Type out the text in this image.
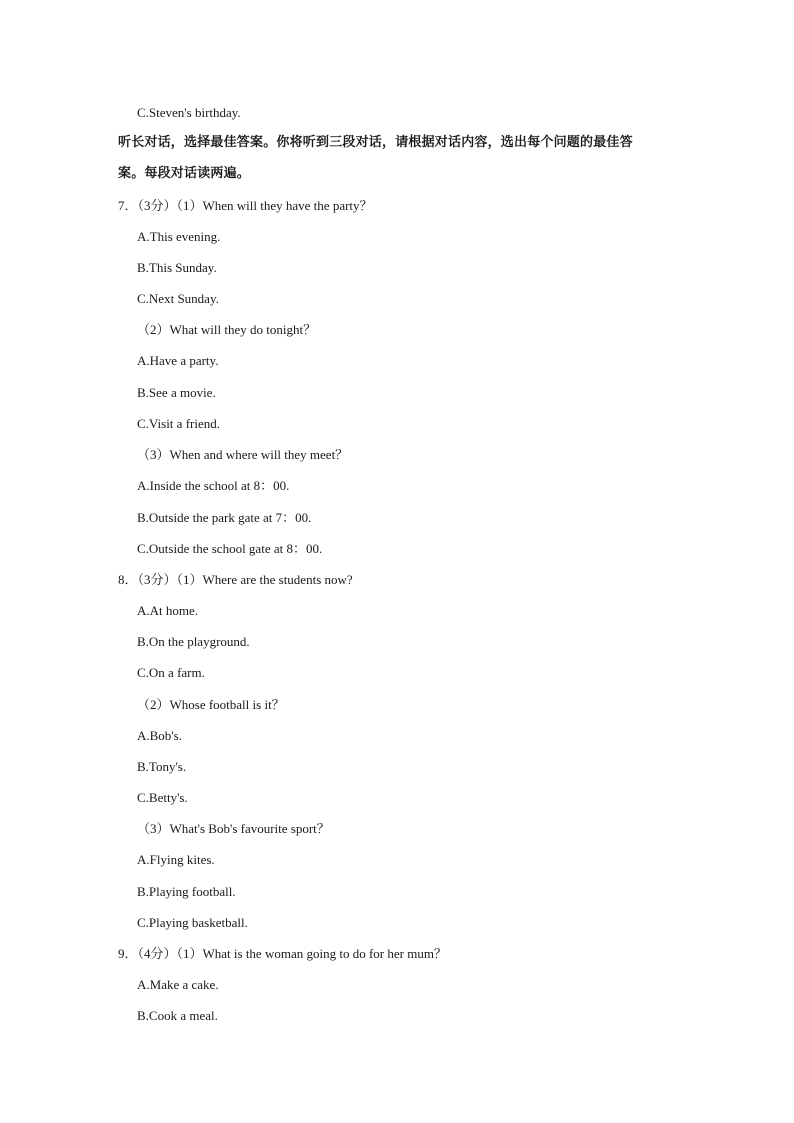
C.Steven's birthday.
听长对话，选择最佳答案。你将听到三段对话，请根据对话内容，选出每个问题的最佳答
案。每段对话读两遍。
7．（3分）（1）When will they have the party？
A.This evening.
B.This Sunday.
C.Next Sunday.
（2）What will they do tonight？
A.Have a party.
B.See a movie.
C.Visit a friend.
（3）When and where will they meet？
A.Inside the school at 8：00.
B.Outside the park gate at 7：00.
C.Outside the school gate at 8：00.
8．（3分）（1）Where are the students now?
A.At home.
B.On the playground.
C.On a farm.
（2）Whose football is it？
A.Bob's.
B.Tony's.
C.Betty's.
（3）What's Bob's favourite sport？
A.Flying kites.
B.Playing football.
C.Playing basketball.
9．（4分）（1）What is the woman going to do for her mum？
A.Make a cake.
B.Cook a meal.
